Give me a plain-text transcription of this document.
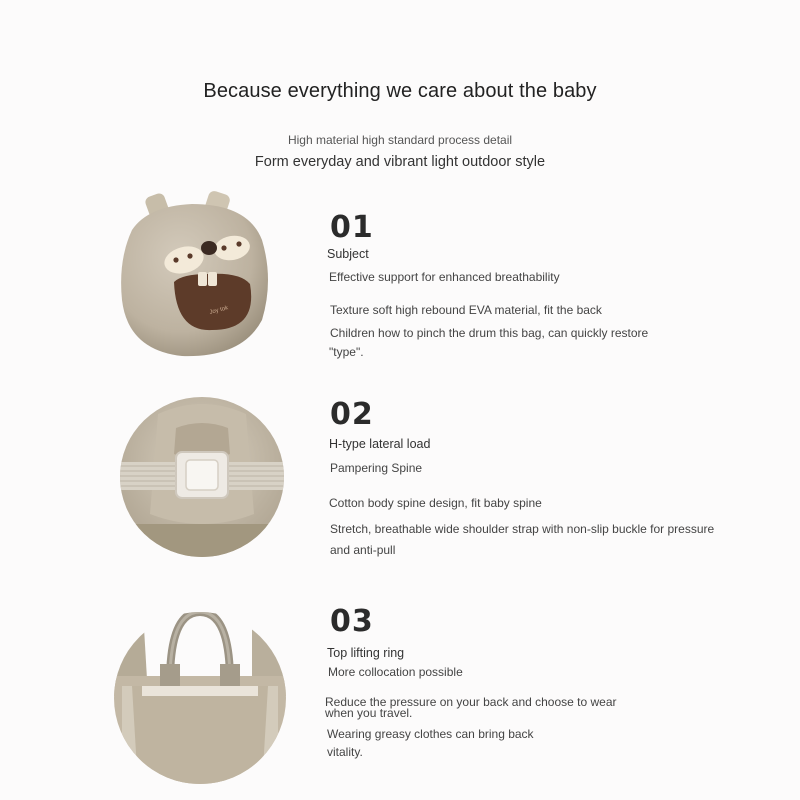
Because everything we care about the baby
High material high standard process detail
Form everyday and vibrant light outdoor style
Joy tok
01
Subject
Effective support for enhanced breathability
Texture soft high rebound EVA material, fit the back
Children how to pinch the drum this bag, can quickly restore
"type".
02
H-type lateral load
Pampering Spine
Cotton body spine design, fit baby spine
Stretch, breathable wide shoulder strap with non-slip buckle for pressure
and anti-pull
03
Top lifting ring
More collocation possible
Reduce the pressure on your back and choose to wear
when you travel.
Wearing greasy clothes can bring back
vitality.
